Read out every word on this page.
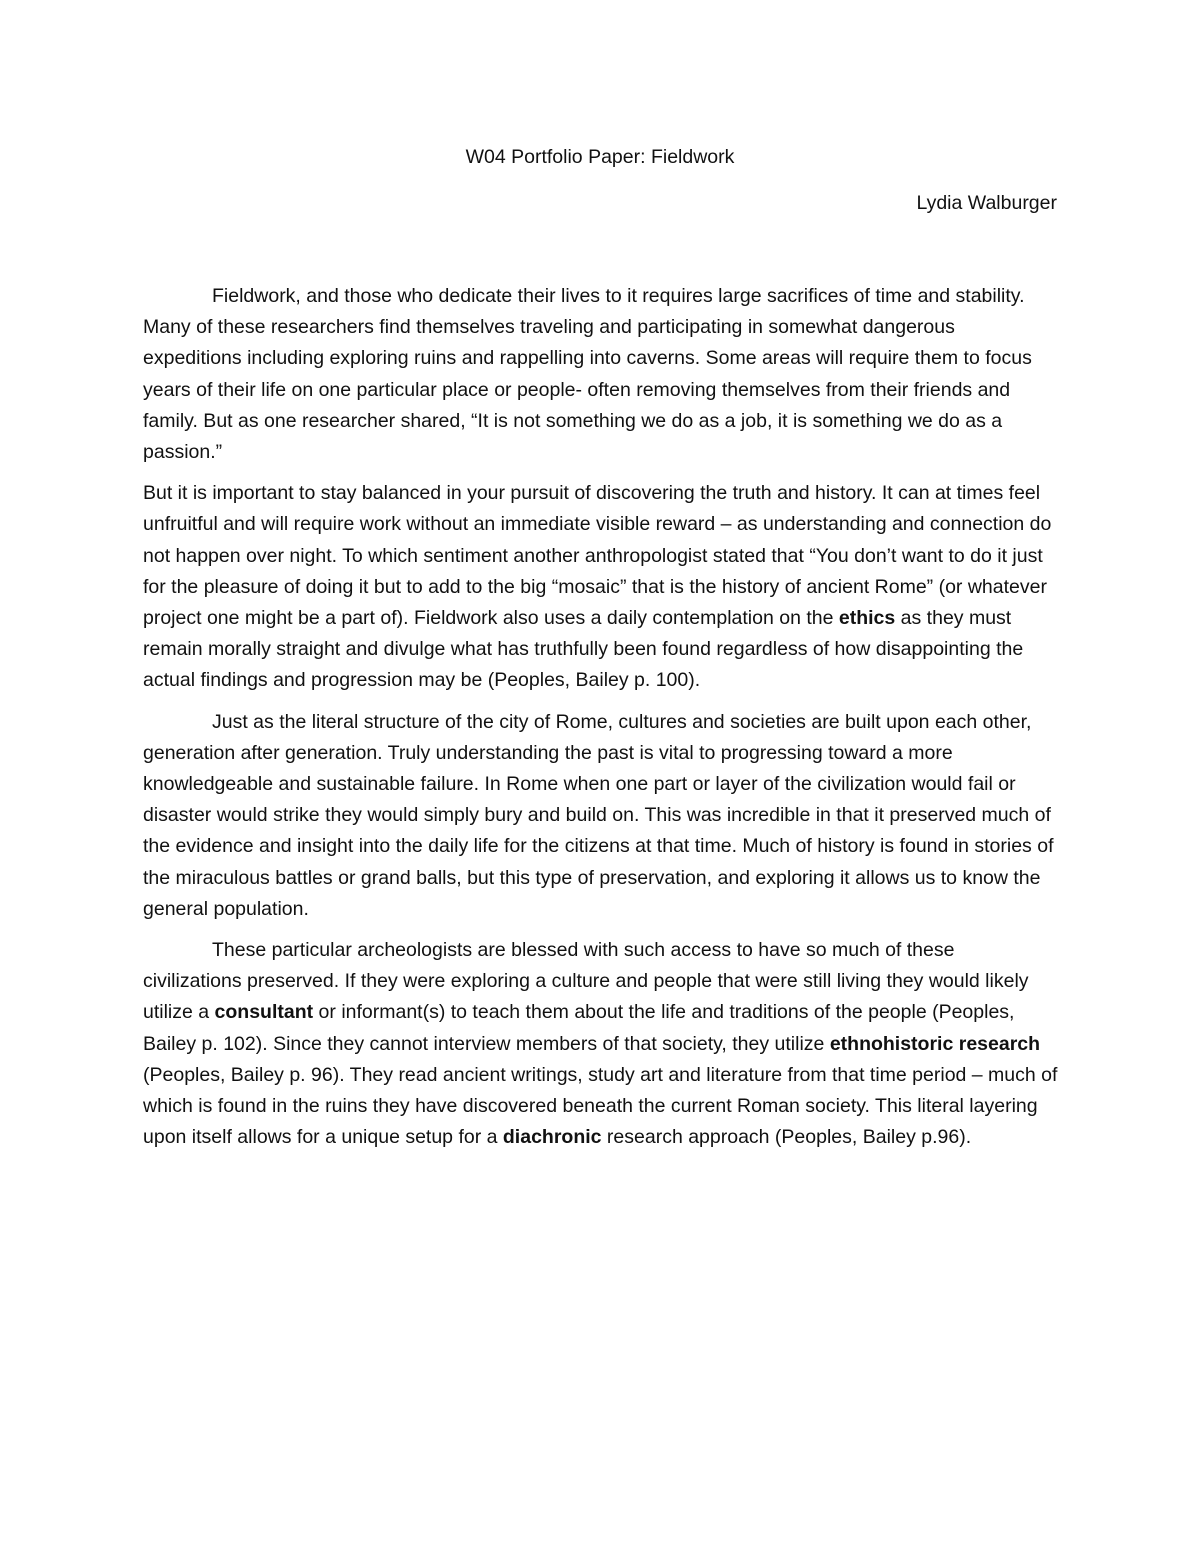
W04 Portfolio Paper: Fieldwork
Lydia Walburger

Fieldwork, and those who dedicate their lives to it requires large sacrifices of time and stability. Many of these researchers find themselves traveling and participating in somewhat dangerous expeditions including exploring ruins and rappelling into caverns. Some areas will require them to focus years of their life on one particular place or people- often removing themselves from their friends and family. But as one researcher shared, “It is not something we do as a job, it is something we do as a passion.”

But it is important to stay balanced in your pursuit of discovering the truth and history. It can at times feel unfruitful and will require work without an immediate visible reward – as understanding and connection do not happen over night. To which sentiment another anthropologist stated that “You don’t want to do it just for the pleasure of doing it but to add to the big “mosaic” that is the history of ancient Rome” (or whatever project one might be a part of). Fieldwork also uses a daily contemplation on the ethics as they must remain morally straight and divulge what has truthfully been found regardless of how disappointing the actual findings and progression may be (Peoples, Bailey p. 100).

Just as the literal structure of the city of Rome, cultures and societies are built upon each other, generation after generation. Truly understanding the past is vital to progressing toward a more knowledgeable and sustainable failure. In Rome when one part or layer of the civilization would fail or disaster would strike they would simply bury and build on. This was incredible in that it preserved much of the evidence and insight into the daily life for the citizens at that time. Much of history is found in stories of the miraculous battles or grand balls, but this type of preservation, and exploring it allows us to know the general population.

These particular archeologists are blessed with such access to have so much of these civilizations preserved. If they were exploring a culture and people that were still living they would likely utilize a consultant or informant(s) to teach them about the life and traditions of the people (Peoples, Bailey p. 102). Since they cannot interview members of that society, they utilize ethnohistoric research (Peoples, Bailey p. 96). They read ancient writings, study art and literature from that time period – much of which is found in the ruins they have discovered beneath the current Roman society. This literal layering upon itself allows for a unique setup for a diachronic research approach (Peoples, Bailey p.96).
